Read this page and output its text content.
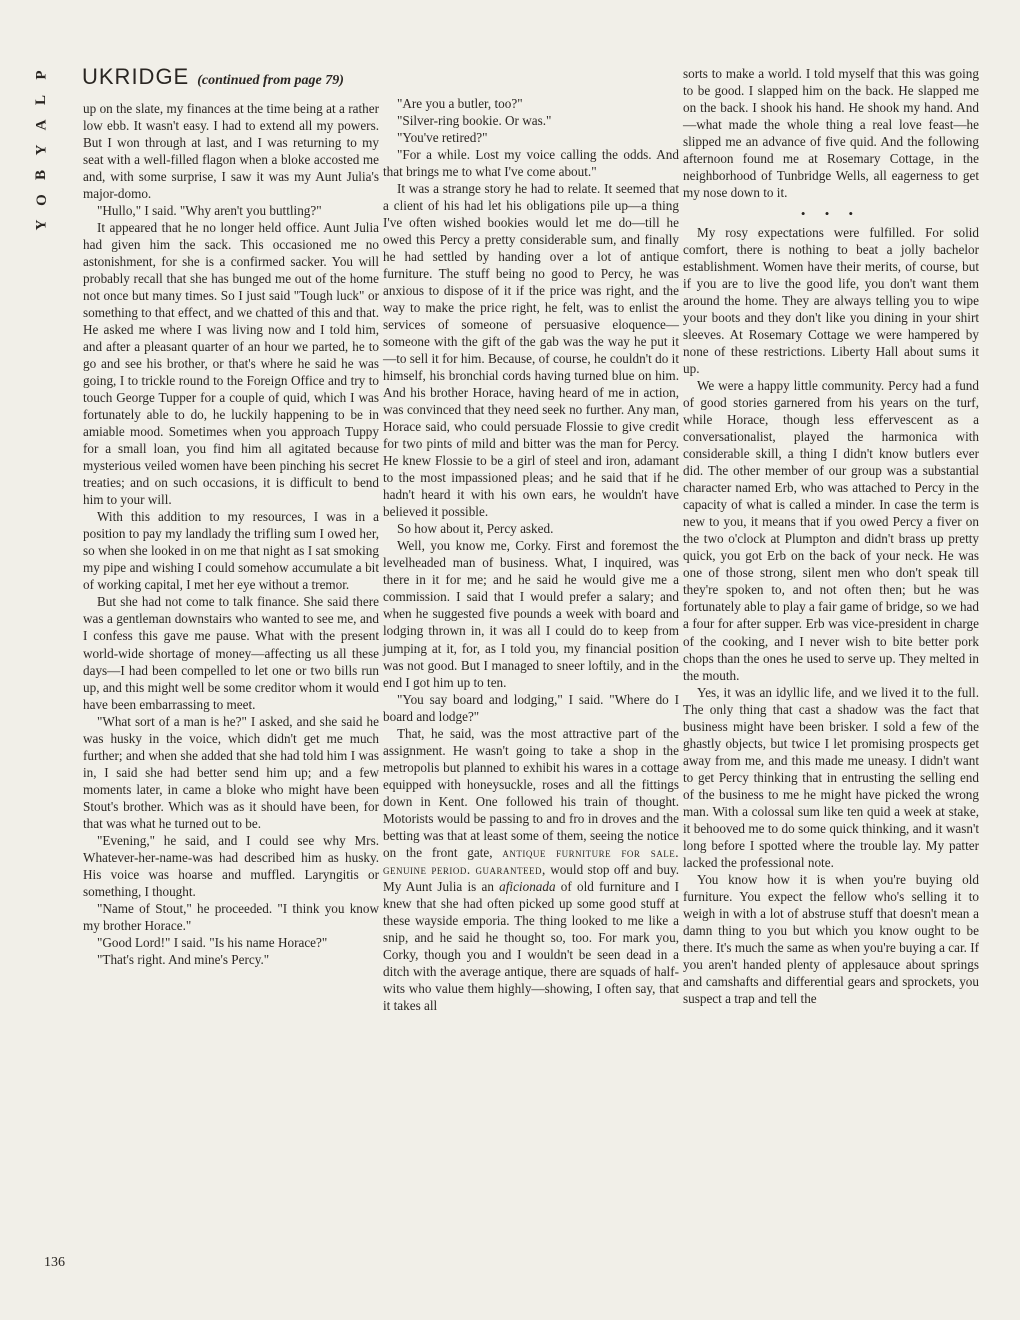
P
L
A
Y
B
O
Y
UKRIDGE (continued from page 79)

up on the slate, my finances at the time being at a rather low ebb. It wasn't easy. I had to extend all my powers. But I won through at last, and I was returning to my seat with a well-filled flagon when a bloke accosted me and, with some surprise, I saw it was my Aunt Julia's major-domo.

"Hullo," I said. "Why aren't you buttling?"

It appeared that he no longer held office. Aunt Julia had given him the sack. This occasioned me no astonishment, for she is a confirmed sacker. You will probably recall that she has bunged me out of the home not once but many times. So I just said "Tough luck" or something to that effect, and we chatted of this and that. He asked me where I was living now and I told him, and after a pleasant quarter of an hour we parted, he to go and see his brother, or that's where he said he was going, I to trickle round to the Foreign Office and try to touch George Tupper for a couple of quid, which I was fortunately able to do, he luckily happening to be in amiable mood. Sometimes when you approach Tuppy for a small loan, you find him all agitated because mysterious veiled women have been pinching his secret treaties; and on such occasions, it is difficult to bend him to your will.

With this addition to my resources, I was in a position to pay my landlady the trifling sum I owed her, so when she looked in on me that night as I sat smoking my pipe and wishing I could somehow accumulate a bit of working capital, I met her eye without a tremor.

But she had not come to talk finance. She said there was a gentleman downstairs who wanted to see me, and I confess this gave me pause. What with the present world-wide shortage of money—affecting us all these days—I had been compelled to let one or two bills run up, and this might well be some creditor whom it would have been embarrassing to meet.

"What sort of a man is he?" I asked, and she said he was husky in the voice, which didn't get me much further; and when she added that she had told him I was in, I said she had better send him up; and a few moments later, in came a bloke who might have been Stout's brother. Which was as it should have been, for that was what he turned out to be.

"Evening," he said, and I could see why Mrs. Whatever-her-name-was had described him as husky. His voice was hoarse and muffled. Laryngitis or something, I thought.

"Name of Stout," he proceeded. "I think you know my brother Horace."

"Good Lord!" I said. "Is his name Horace?"

"That's right. And mine's Percy."

"Are you a butler, too?"

"Silver-ring bookie. Or was."

"You've retired?"

"For a while. Lost my voice calling the odds. And that brings me to what I've come about."

It was a strange story he had to relate. It seemed that a client of his had let his obligations pile up—a thing I've often wished bookies would let me do—till he owed this Percy a pretty considerable sum, and finally he had settled by handing over a lot of antique furniture. The stuff being no good to Percy, he was anxious to dispose of it if the price was right, and the way to make the price right, he felt, was to enlist the services of someone of persuasive eloquence—someone with the gift of the gab was the way he put it—to sell it for him. Because, of course, he couldn't do it himself, his bronchial cords having turned blue on him. And his brother Horace, having heard of me in action, was convinced that they need seek no further. Any man, Horace said, who could persuade Flossie to give credit for two pints of mild and bitter was the man for Percy. He knew Flossie to be a girl of steel and iron, adamant to the most impassioned pleas; and he said that if he hadn't heard it with his own ears, he wouldn't have believed it possible.

So how about it, Percy asked.

Well, you know me, Corky. First and foremost the levelheaded man of business. What, I inquired, was there in it for me; and he said he would give me a commission. I said that I would prefer a salary; and when he suggested five pounds a week with board and lodging thrown in, it was all I could do to keep from jumping at it, for, as I told you, my financial position was not good. But I managed to sneer loftily, and in the end I got him up to ten.

"You say board and lodging," I said. "Where do I board and lodge?"

That, he said, was the most attractive part of the assignment. He wasn't going to take a shop in the metropolis but planned to exhibit his wares in a cottage equipped with honeysuckle, roses and all the fittings down in Kent. One followed his train of thought. Motorists would be passing to and fro in droves and the betting was that at least some of them, seeing the notice on the front gate, antique furniture for sale. genuine period. guaranteed, would stop off and buy. My Aunt Julia is an aficionada of old furniture and I knew that she had often picked up some good stuff at these wayside emporia. The thing looked to me like a snip, and he said he thought so, too. For mark you, Corky, though you and I wouldn't be seen dead in a ditch with the average antique, there are squads of half-wits who value them highly—showing, I often say, that it takes all

sorts to make a world. I told myself that this was going to be good. I slapped him on the back. He slapped me on the back. I shook his hand. He shook my hand. And—what made the whole thing a real love feast—he slipped me an advance of five quid. And the following afternoon found me at Rosemary Cottage, in the neighborhood of Tunbridge Wells, all eagerness to get my nose down to it.

• • •

My rosy expectations were fulfilled. For solid comfort, there is nothing to beat a jolly bachelor establishment. Women have their merits, of course, but if you are to live the good life, you don't want them around the home. They are always telling you to wipe your boots and they don't like you dining in your shirt sleeves. At Rosemary Cottage we were hampered by none of these restrictions. Liberty Hall about sums it up.

We were a happy little community. Percy had a fund of good stories garnered from his years on the turf, while Horace, though less effervescent as a conversationalist, played the harmonica with considerable skill, a thing I didn't know butlers ever did. The other member of our group was a substantial character named Erb, who was attached to Percy in the capacity of what is called a minder. In case the term is new to you, it means that if you owed Percy a fiver on the two o'clock at Plumpton and didn't brass up pretty quick, you got Erb on the back of your neck. He was one of those strong, silent men who don't speak till they're spoken to, and not often then; but he was fortunately able to play a fair game of bridge, so we had a four for after supper. Erb was vice-president in charge of the cooking, and I never wish to bite better pork chops than the ones he used to serve up. They melted in the mouth.

Yes, it was an idyllic life, and we lived it to the full. The only thing that cast a shadow was the fact that business might have been brisker. I sold a few of the ghastly objects, but twice I let promising prospects get away from me, and this made me uneasy. I didn't want to get Percy thinking that in entrusting the selling end of the business to me he might have picked the wrong man. With a colossal sum like ten quid a week at stake, it behooved me to do some quick thinking, and it wasn't long before I spotted where the trouble lay. My patter lacked the professional note.

You know how it is when you're buying old furniture. You expect the fellow who's selling it to weigh in with a lot of abstruse stuff that doesn't mean a damn thing to you but which you know ought to be there. It's much the same as when you're buying a car. If you aren't handed plenty of applesauce about springs and camshafts and differential gears and sprockets, you suspect a trap and tell the

136
